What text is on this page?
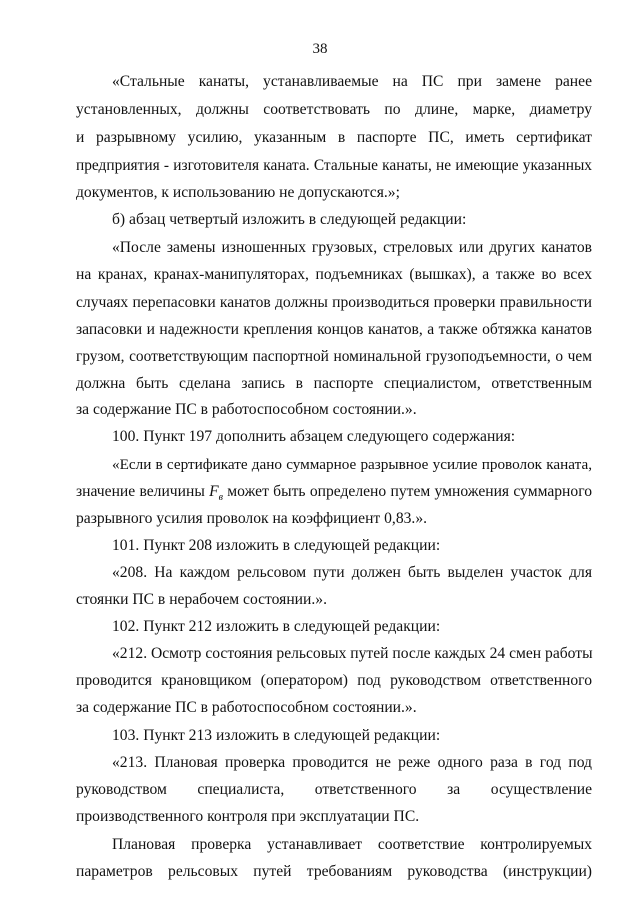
38
«Стальные канаты, устанавливаемые на ПС при замене ранее
установленных, должны соответствовать по длине, марке, диаметру
и разрывному усилию, указанным в паспорте ПС, иметь сертификат
предприятия - изготовителя каната. Стальные канаты, не имеющие указанных
документов, к использованию не допускаются.»;
б) абзац четвертый изложить в следующей редакции:
«После замены изношенных грузовых, стреловых или других канатов
на кранах, кранах-манипуляторах, подъемниках (вышках), а также во всех
случаях перепасовки канатов должны производиться проверки правильности
запасовки и надежности крепления концов канатов, а также обтяжка канатов
грузом, соответствующим паспортной номинальной грузоподъемности, о чем
должна быть сделана запись в паспорте специалистом, ответственным
за содержание ПС в работоспособном состоянии.».
100. Пункт 197 дополнить абзацем следующего содержания:
«Если в сертификате дано суммарное разрывное усилие проволок каната,
значение величины $F_в$ может быть определено путем умножения суммарного
разрывного усилия проволок на коэффициент 0,83.».
101. Пункт 208 изложить в следующей редакции:
«208. На каждом рельсовом пути должен быть выделен участок для
стоянки ПС в нерабочем состоянии.».
102. Пункт 212 изложить в следующей редакции:
«212. Осмотр состояния рельсовых путей после каждых 24 смен работы
проводится крановщиком (оператором) под руководством ответственного
за содержание ПС в работоспособном состоянии.».
103. Пункт 213 изложить в следующей редакции:
«213. Плановая проверка проводится не реже одного раза в год под
руководством специалиста, ответственного за осуществление
производственного контроля при эксплуатации ПС.
Плановая проверка устанавливает соответствие контролируемых
параметров рельсовых путей требованиям руководства (инструкции)
